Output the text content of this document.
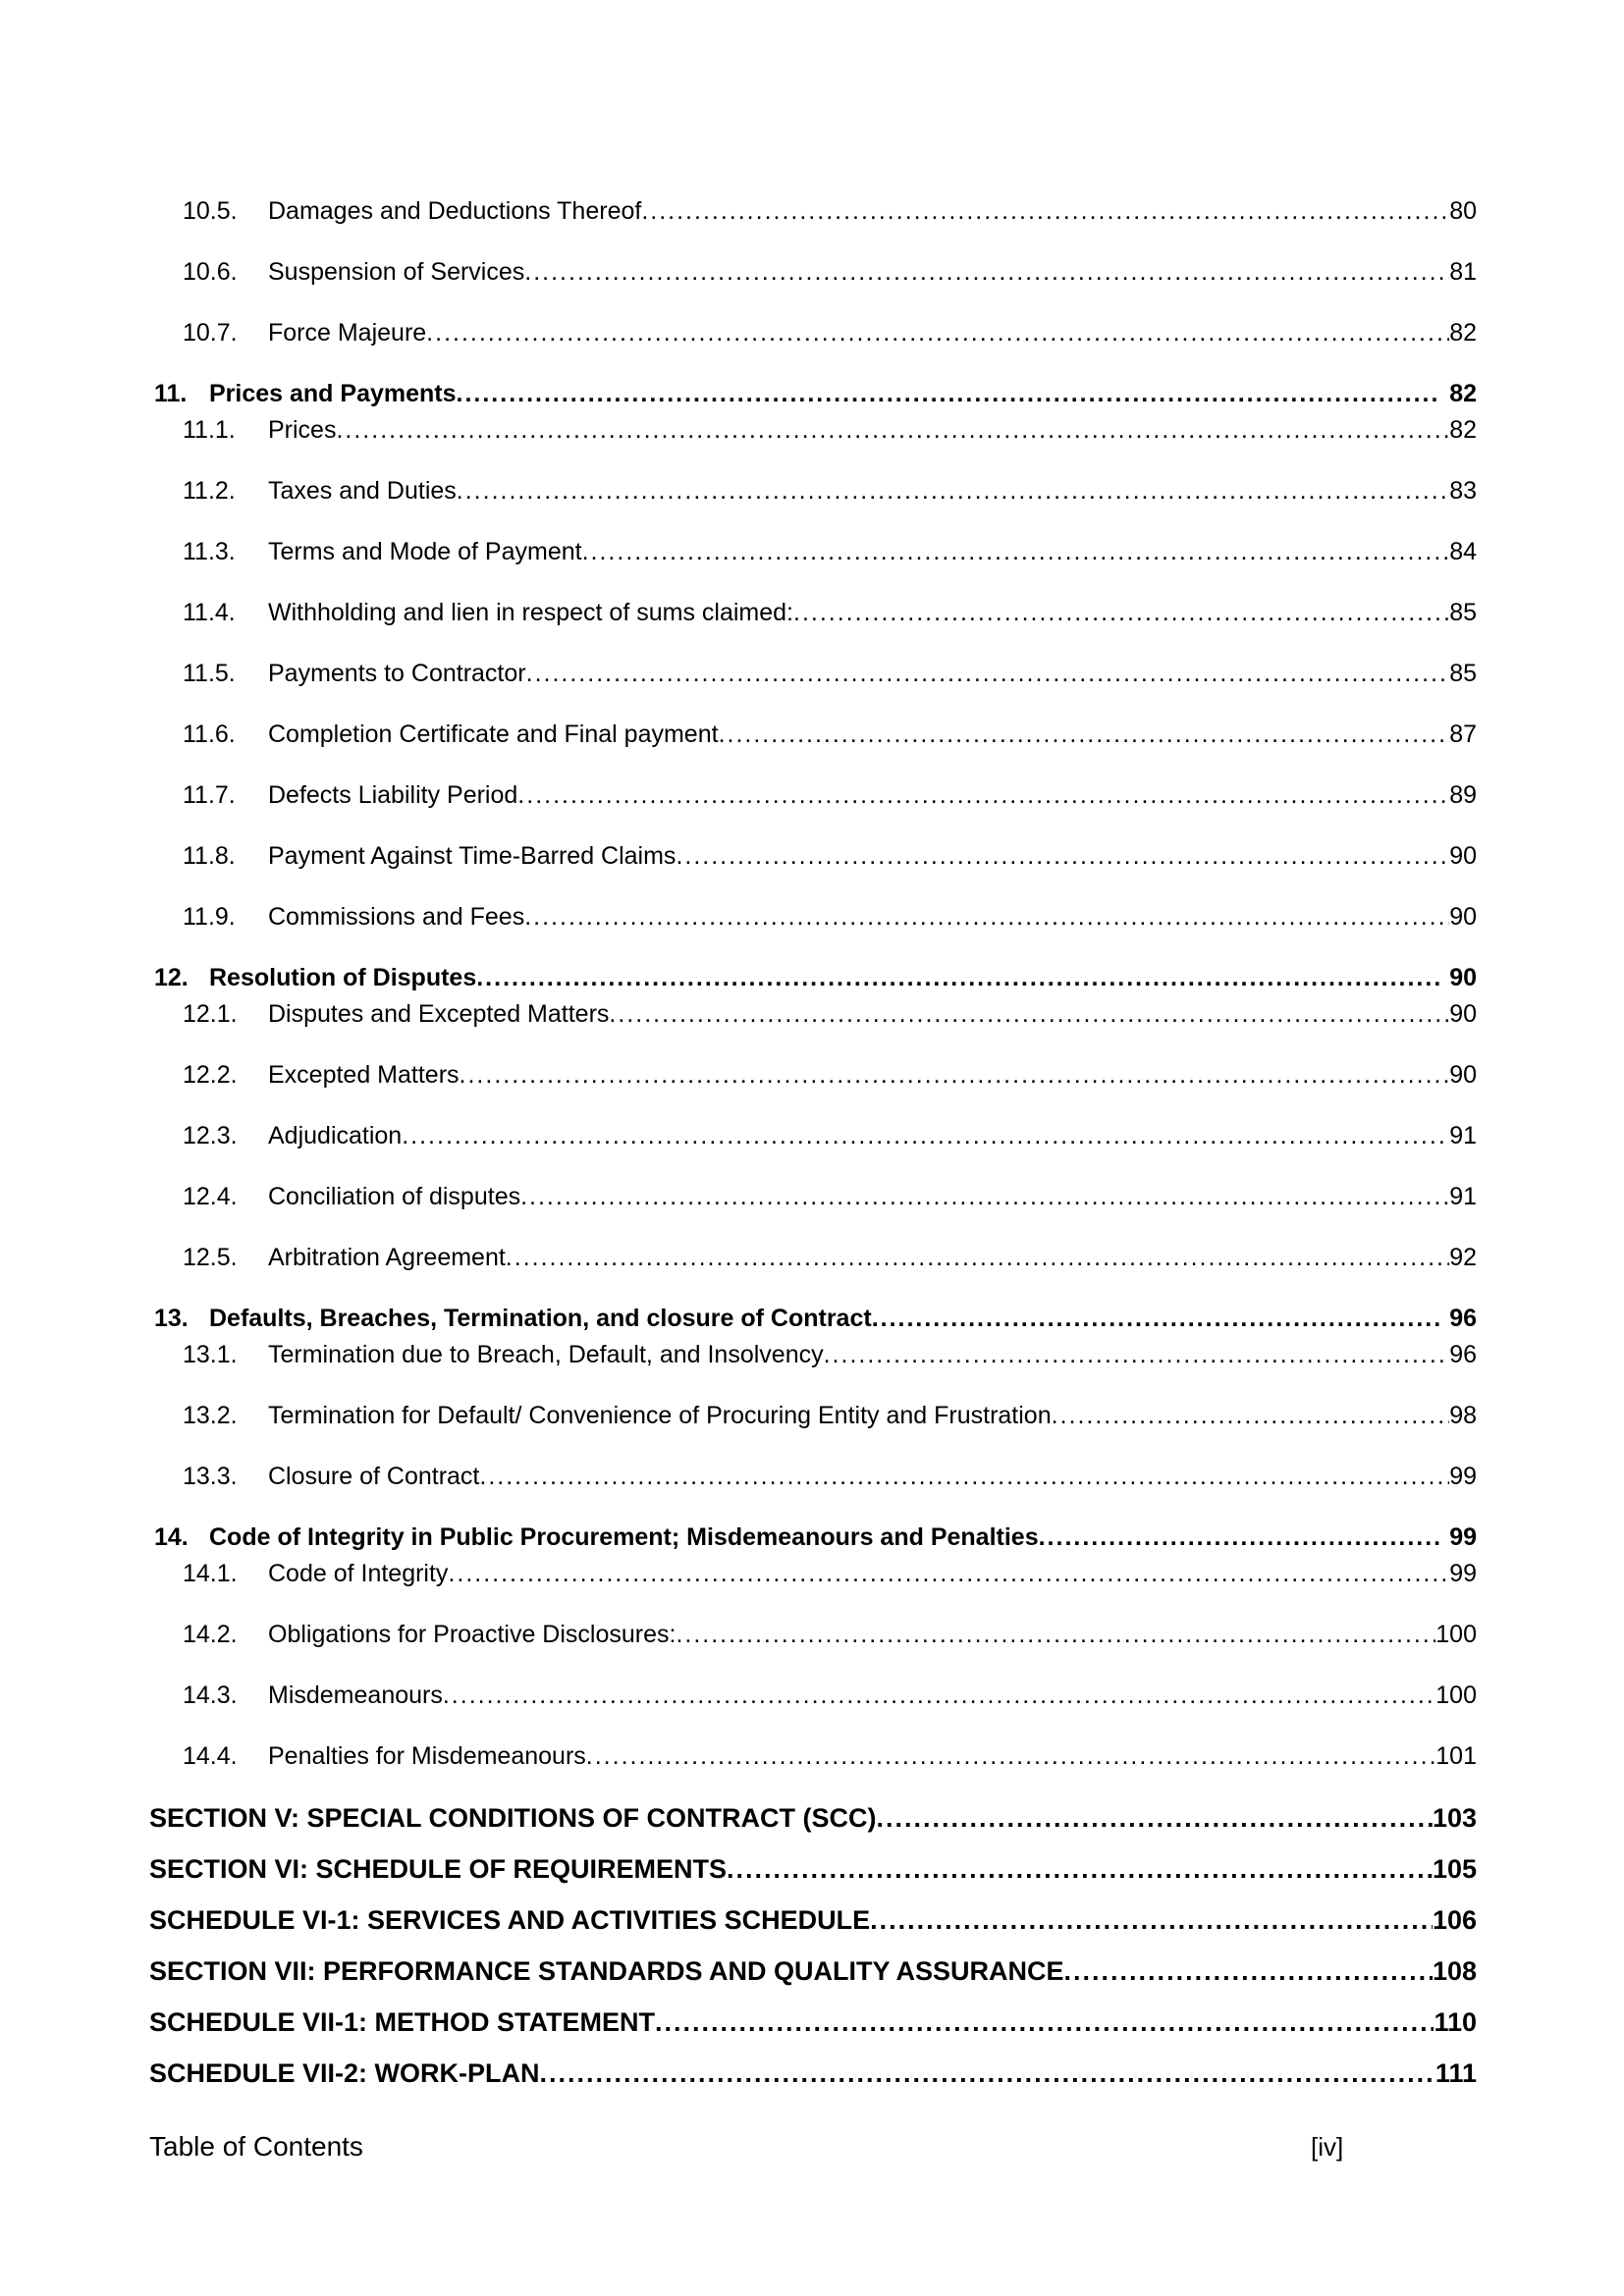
10.5.	Damages and Deductions Thereof .....	80
10.6.	Suspension of Services .....	81
10.7.	Force Majeure .....	82
11. Prices and Payments .....	82
11.1.	Prices .....	82
11.2.	Taxes and Duties .....	83
11.3.	Terms and Mode of Payment .....	84
11.4.	Withholding and lien in respect of sums claimed: .....	85
11.5.	Payments to Contractor .....	85
11.6.	Completion Certificate and Final payment .....	87
11.7.	Defects Liability Period .....	89
11.8.	Payment Against Time-Barred Claims .....	90
11.9.	Commissions and Fees .....	90
12. Resolution of Disputes .....	90
12.1.	Disputes and Excepted Matters .....	90
12.2.	Excepted Matters .....	90
12.3.	Adjudication .....	91
12.4.	Conciliation of disputes .....	91
12.5.	Arbitration Agreement .....	92
13. Defaults, Breaches, Termination, and closure of Contract .....	96
13.1.	Termination due to Breach, Default, and Insolvency .....	96
13.2.	Termination for Default/ Convenience of Procuring Entity and Frustration .....	98
13.3.	Closure of Contract .....	99
14. Code of Integrity in Public Procurement; Misdemeanours and Penalties .....	99
14.1.	Code of Integrity .....	99
14.2.	Obligations for Proactive Disclosures: .....	100
14.3.	Misdemeanours .....	100
14.4.	Penalties for Misdemeanours .....	101
SECTION V: SPECIAL CONDITIONS OF CONTRACT (SCC) .....	103
SECTION VI: SCHEDULE OF REQUIREMENTS .....	105
SCHEDULE VI-1: SERVICES AND ACTIVITIES SCHEDULE .....	106
SECTION VII: PERFORMANCE STANDARDS AND QUALITY ASSURANCE .....	108
SCHEDULE VII-1: METHOD STATEMENT .....	110
SCHEDULE VII-2: WORK-PLAN .....	111
Table of Contents	[iv]
